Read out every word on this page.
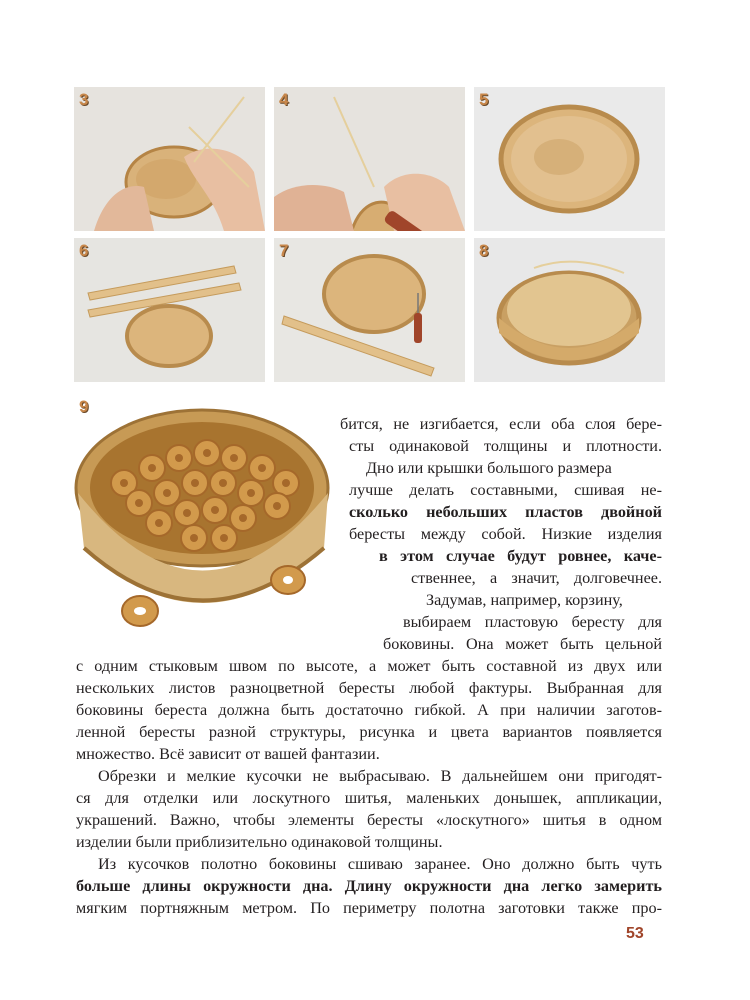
3	4	5
6	7	8
9
бится, не изгибается, если оба слоя бере-
сты одинаковой толщины и плотности.
Дно или крышки большого размера
лучше делать составными, сшивая не-
сколько небольших пластов двойной
бересты между собой. Низкие изделия
в этом случае будут ровнее, каче-
ственнее, а значит, долговечнее.
Задумав, например, корзину,
выбираем пластовую бересту для
боковины. Она может быть цельной
с одним стыковым швом по высоте, а может быть составной из двух или
нескольких листов разноцветной бересты любой фактуры. Выбранная для
боковины береста должна быть достаточно гибкой. А при наличии заготов-
ленной бересты разной структуры, рисунка и цвета вариантов появляется
множество. Всё зависит от вашей фантазии.
Обрезки и мелкие кусочки не выбрасываю. В дальнейшем они пригодят-
ся для отделки или лоскутного шитья, маленьких донышек, аппликации,
украшений. Важно, чтобы элементы бересты «лоскутного» шитья в одном
изделии были приблизительно одинаковой толщины.
Из кусочков полотно боковины сшиваю заранее. Оно должно быть чуть
больше длины окружности дна. Длину окружности дна легко замерить
мягким портняжным метром. По периметру полотна заготовки также про-
53
